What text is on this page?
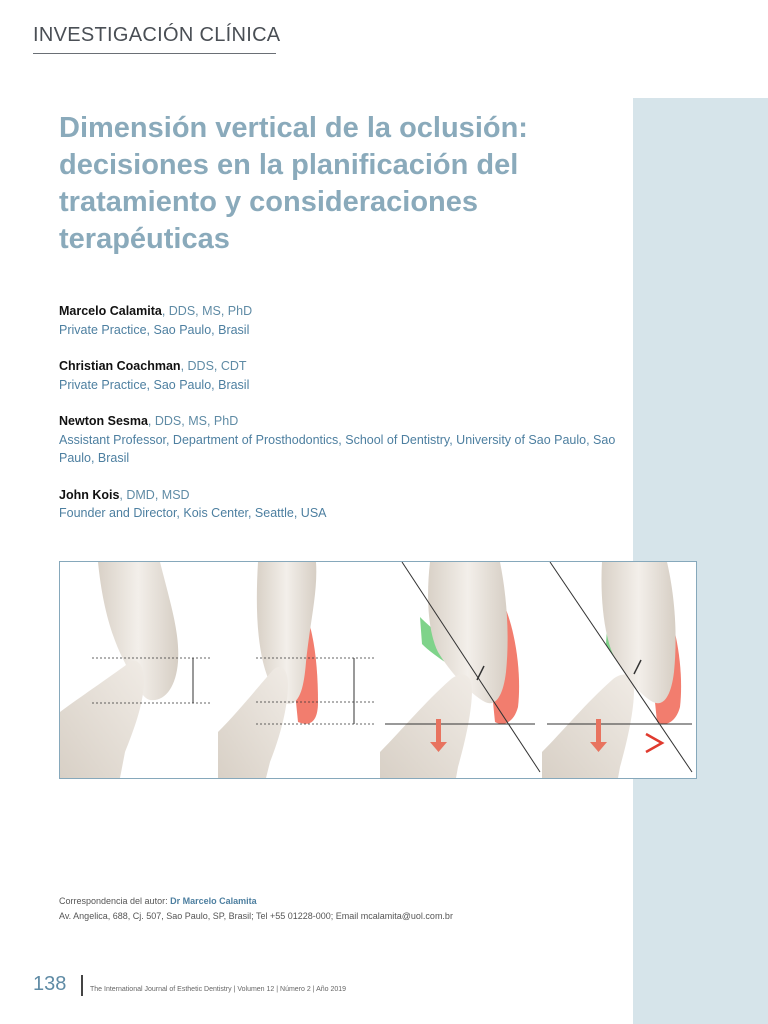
INVESTIGACIÓN CLÍNICA
Dimensión vertical de la oclusión: decisiones en la planificación del tratamiento y consideraciones terapéuticas
Marcelo Calamita, DDS, MS, PhD
Private Practice, Sao Paulo, Brasil
Christian Coachman, DDS, CDT
Private Practice, Sao Paulo, Brasil
Newton Sesma, DDS, MS, PhD
Assistant Professor, Department of Prosthodontics, School of Dentistry, University of Sao Paulo, Sao Paulo, Brasil
John Kois, DMD, MSD
Founder and Director, Kois Center, Seattle, USA
Correspondencia del autor: Dr Marcelo Calamita
Av. Angelica, 688, Cj. 507, Sao Paulo, SP, Brasil; Tel +55 01228-000; Email mcalamita@uol.com.br
138	The International Journal of Esthetic Dentistry | Volumen 12 | Número 2 | Año 2019
